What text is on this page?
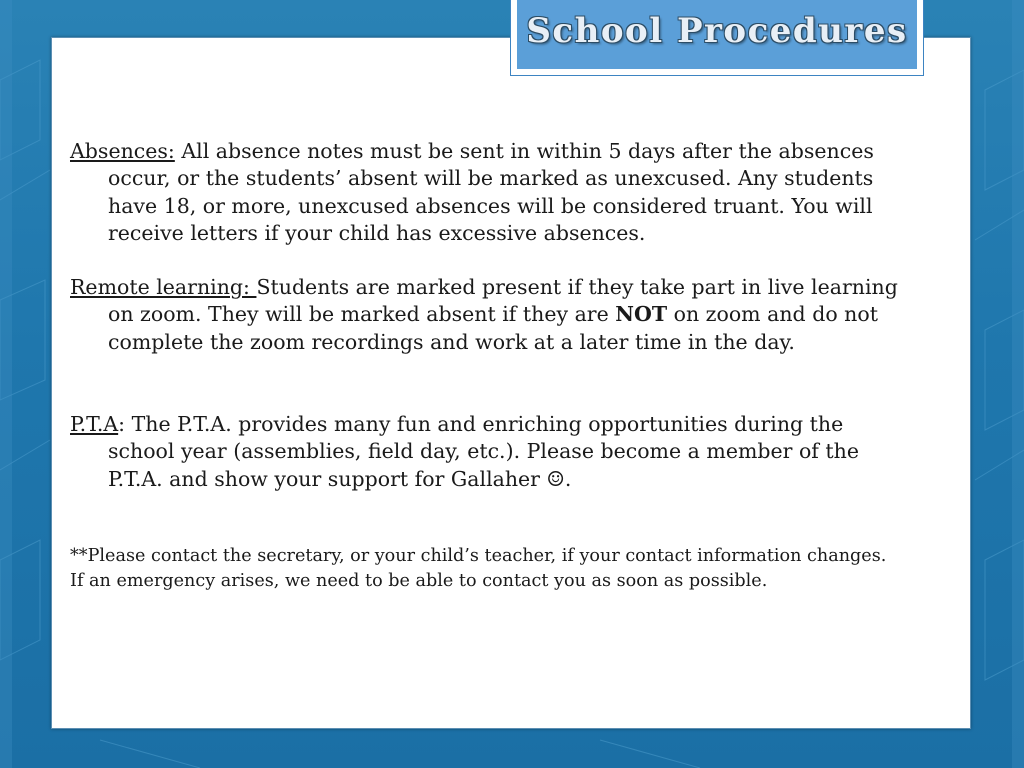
School Procedures
Absences: All absence notes must be sent in within 5 days after the absences
occur, or the students’ absent will be marked as unexcused. Any students
have 18, or more, unexcused absences will be considered truant. You will
receive letters if your child has excessive absences.
Remote learning: Students are marked present if they take part in live learning
on zoom. They will be marked absent if they are NOT on zoom and do not
complete the zoom recordings and work at a later time in the day.
P.T.A: The P.T.A. provides many fun and enriching opportunities during the
school year (assemblies, field day, etc.). Please become a member of the
P.T.A. and show your support for Gallaher ☺.
**Please contact the secretary, or your child’s teacher, if your contact information changes.
If an emergency arises, we need to be able to contact you as soon as possible.
